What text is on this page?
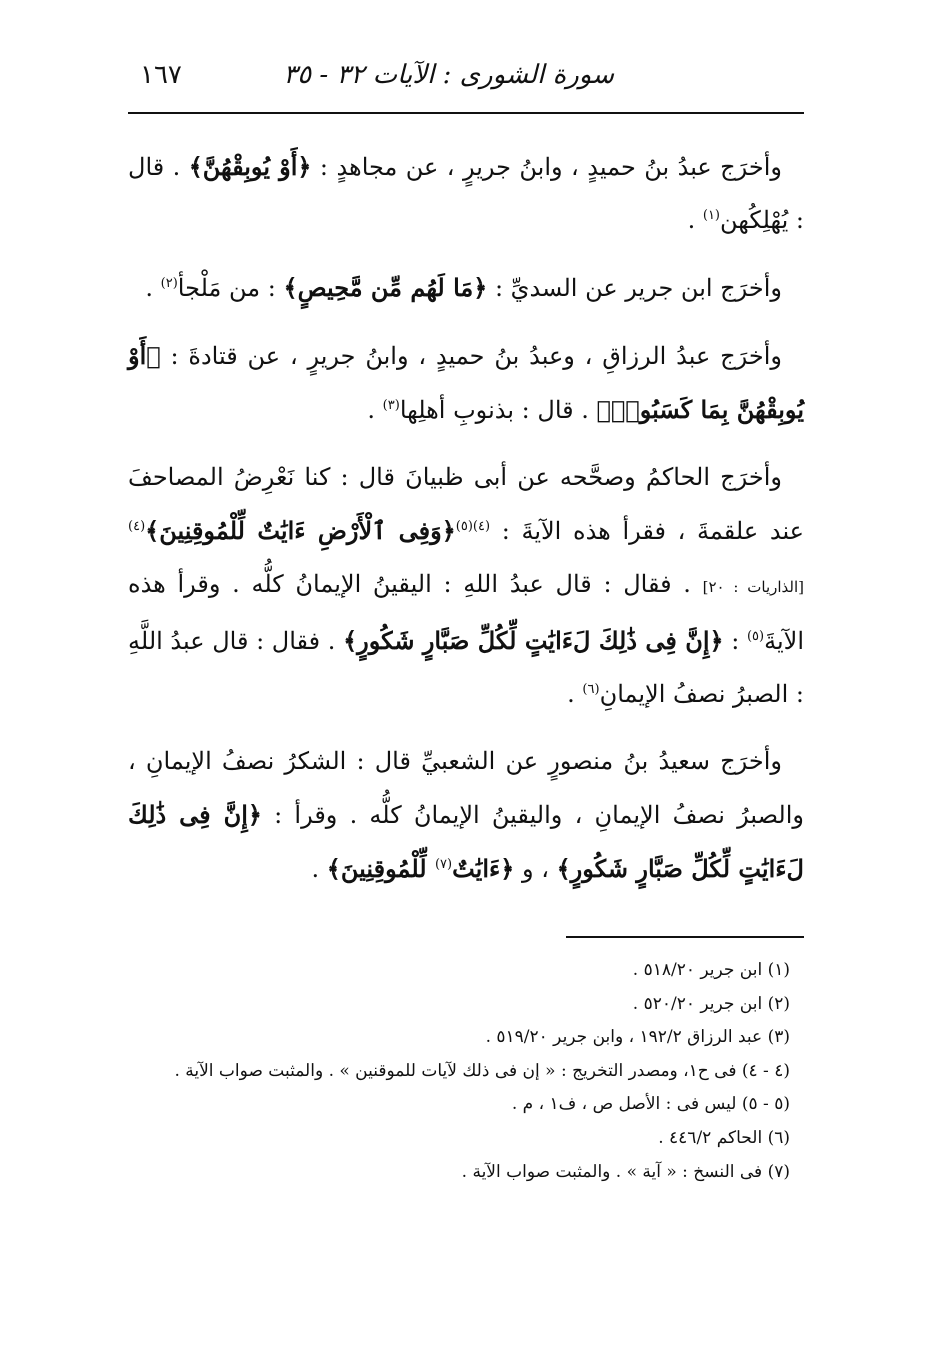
سورة الشورى : الآيات ٣٢ - ٣٥
١٦٧

وأخرَج عبدُ بنُ حميدٍ ، وابنُ جريرٍ ، عن مجاهدٍ : ﴿أَوْ يُوبِقْهُنَّ﴾ . قال : يُهْلِكُهن$^{(١)}$ .

وأخرَج ابن جرير عن السديِّ : ﴿مَا لَهُم مِّن مَّحِيصٍ﴾ : من مَلْجأ$^{(٢)}$ .

وأخرَج عبدُ الرزاقِ ، وعبدُ بنُ حميدٍ ، وابنُ جريرٍ ، عن قتادةَ : ﴿أَوْ يُوبِقْهُنَّ بِمَا كَسَبُوا۟﴾ . قال : بذنوبِ أهلِها$^{(٣)}$ .

وأخرَج الحاكمُ وصحَّحه عن أبى ظبيانَ قال : كنا نَعْرِضُ المصاحفَ عند علقمةَ ، فقرأ هذه الآيةَ : $^{(٤)(٥)}$﴿وَفِى ٱلْأَرْضِ ءَايَٰتٌ لِّلْمُوقِنِينَ﴾$^{(٤)}$[الذاريات : ٢٠] . فقال : قال عبدُ اللهِ : اليقينُ الإيمانُ كلُّه . وقرأ هذه الآيةَ$^{(٥)}$ : ﴿إِنَّ فِى ذَٰلِكَ لَءَايَٰتٍ لِّكُلِّ صَبَّارٍ شَكُورٍ﴾ . فقال : قال عبدُ اللَّهِ : الصبرُ نصفُ الإيمانِ$^{(٦)}$ .

وأخرَج سعيدُ بنُ منصورٍ عن الشعبيِّ قال : الشكرُ نصفُ الإيمانِ ، والصبرُ نصفُ الإيمانِ ، واليقينُ الإيمانُ كلُّه . وقرأ : ﴿إِنَّ فِى ذَٰلِكَ لَءَايَٰتٍ لِّكُلِّ صَبَّارٍ شَكُورٍ﴾ ، و ﴿ءَايَٰتٌ$^{(٧)}$ لِّلْمُوقِنِينَ﴾ .

(١) ابن جرير ٥١٨/٢٠ .

(٢) ابن جرير ٥٢٠/٢٠ .

(٣) عبد الرزاق ١٩٢/٢ ، وابن جرير ٥١٩/٢٠ .

(٤ - ٤) فى ح١، ومصدر التخريج : « إن فى ذلك لآيات للموقنين » . والمثبت صواب الآية .

(٥ - ٥) ليس فى : الأصل ص ، ف١ ، م .

(٦) الحاكم ٤٤٦/٢ .

(٧) فى النسخ : « آية » . والمثبت صواب الآية .
